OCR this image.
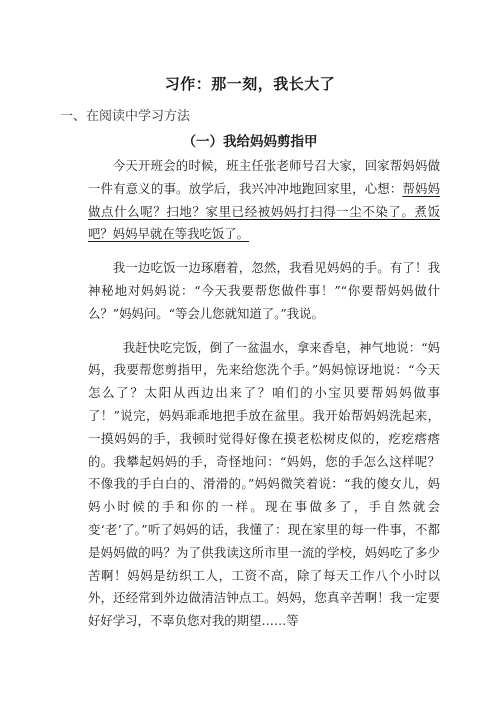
习作：那一刻，我长大了
一、在阅读中学习方法
（一）我给妈妈剪指甲

今天开班会的时候，班主任张老师号召大家，回家帮妈妈做一件有意义的事。放学后，我兴冲冲地跑回家里，心想：帮妈妈做点什么呢？扫地？家里已经被妈妈打扫得一尘不染了。煮饭吧？妈妈早就在等我吃饭了。

我一边吃饭一边琢磨着，忽然，我看见妈妈的手。有了！我神秘地对妈妈说：“今天我要帮您做件事！”“你要帮妈妈做什么？”妈妈问。“等会儿您就知道了。”我说。

我赶快吃完饭，倒了一盆温水，拿来香皂，神气地说：“妈妈，我要帮您剪指甲，先来给您洗个手。”妈妈惊讶地说：“今天怎么了？太阳从西边出来了？咱们的小宝贝要帮妈妈做事了！”说完，妈妈乖乖地把手放在盆里。我开始帮妈妈洗起来，一摸妈妈的手，我顿时觉得好像在摸老松树皮似的，疙疙瘩瘩的。我攀起妈妈的手，奇怪地问：“妈妈，您的手怎么这样呢？不像我的手白白的、滑滑的。”妈妈微笑着说：“我的傻女儿，妈妈小时候的手和你的一样。现在事做多了，手自然就会变‘老’了。”听了妈妈的话，我懂了：现在家里的每一件事，不都是妈妈做的吗？为了供我读这所市里一流的学校，妈妈吃了多少苦啊！妈妈是纺织工人，工资不高，除了每天工作八个小时以外，还经常到外边做清洁钟点工。妈妈，您真辛苦啊！我一定要好好学习，不辜负您对我的期望……等
